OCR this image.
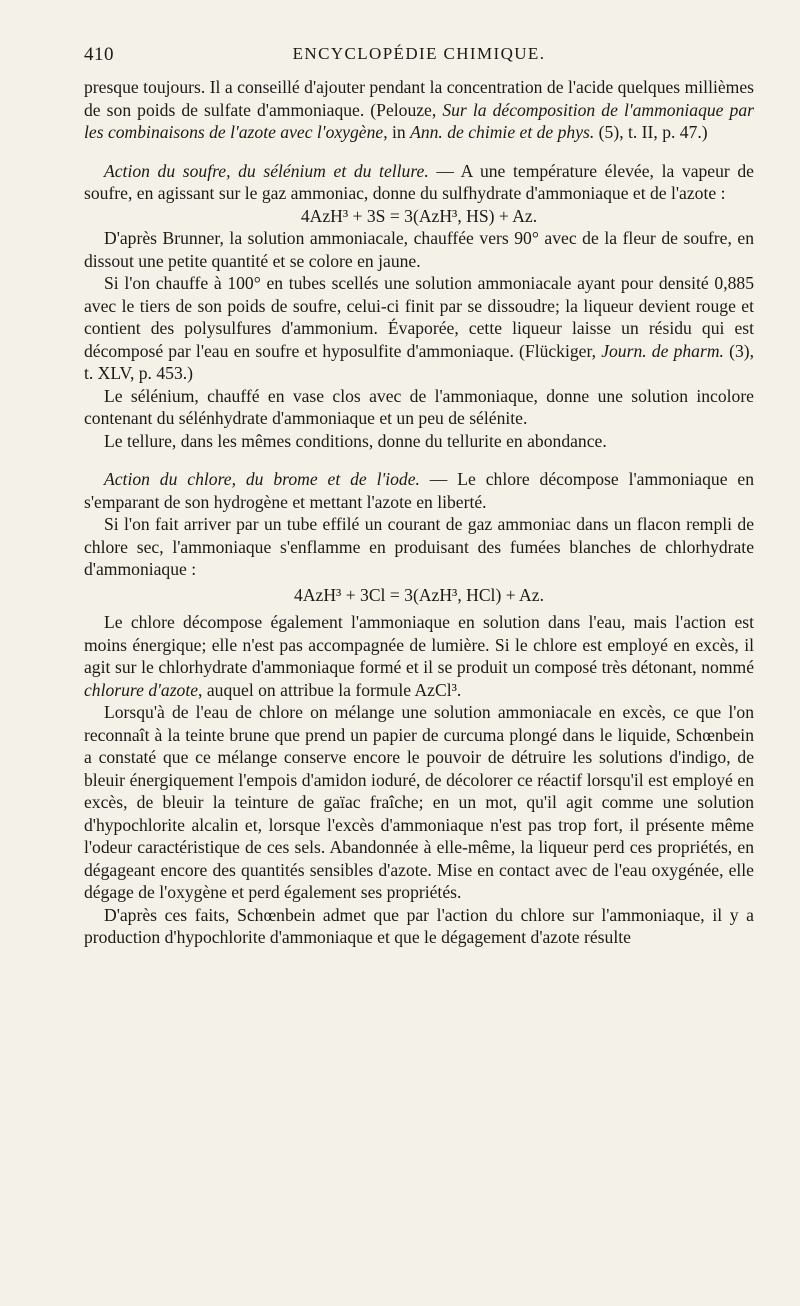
410	ENCYCLOPÉDIE CHIMIQUE.

presque toujours. Il a conseillé d'ajouter pendant la concentration de l'acide quelques millièmes de son poids de sulfate d'ammoniaque. (Pelouze, Sur la décomposition de l'ammoniaque par les combinaisons de l'azote avec l'oxygène, in Ann. de chimie et de phys. (5), t. II, p. 47.)

Action du soufre, du sélénium et du tellure. — A une température élevée, la vapeur de soufre, en agissant sur le gaz ammoniac, donne du sulfhydrate d'ammoniaque et de l'azote :

4AzH³ + 3S = 3(AzH³, HS) + Az.

D'après Brunner, la solution ammoniacale, chauffée vers 90° avec de la fleur de soufre, en dissout une petite quantité et se colore en jaune.

Si l'on chauffe à 100° en tubes scellés une solution ammoniacale ayant pour densité 0,885 avec le tiers de son poids de soufre, celui-ci finit par se dissoudre; la liqueur devient rouge et contient des polysulfures d'ammonium. Évaporée, cette liqueur laisse un résidu qui est décomposé par l'eau en soufre et hyposulfite d'ammoniaque. (Flückiger, Journ. de pharm. (3), t. XLV, p. 453.)

Le sélénium, chauffé en vase clos avec de l'ammoniaque, donne une solution incolore contenant du sélénhydrate d'ammoniaque et un peu de sélénite.

Le tellure, dans les mêmes conditions, donne du tellurite en abondance.

Action du chlore, du brome et de l'iode. — Le chlore décompose l'ammoniaque en s'emparant de son hydrogène et mettant l'azote en liberté.

Si l'on fait arriver par un tube effilé un courant de gaz ammoniac dans un flacon rempli de chlore sec, l'ammoniaque s'enflamme en produisant des fumées blanches de chlorhydrate d'ammoniaque :

4AzH³ + 3Cl = 3(AzH³, HCl) + Az.

Le chlore décompose également l'ammoniaque en solution dans l'eau, mais l'action est moins énergique; elle n'est pas accompagnée de lumière. Si le chlore est employé en excès, il agit sur le chlorhydrate d'ammoniaque formé et il se produit un composé très détonant, nommé chlorure d'azote, auquel on attribue la formule AzCl³.

Lorsqu'à de l'eau de chlore on mélange une solution ammoniacale en excès, ce que l'on reconnaît à la teinte brune que prend un papier de curcuma plongé dans le liquide, Schœnbein a constaté que ce mélange conserve encore le pouvoir de détruire les solutions d'indigo, de bleuir énergiquement l'empois d'amidon ioduré, de décolorer ce réactif lorsqu'il est employé en excès, de bleuir la teinture de gaïac fraîche; en un mot, qu'il agit comme une solution d'hypochlorite alcalin et, lorsque l'excès d'ammoniaque n'est pas trop fort, il présente même l'odeur caractéristique de ces sels. Abandonnée à elle-même, la liqueur perd ces propriétés, en dégageant encore des quantités sensibles d'azote. Mise en contact avec de l'eau oxygénée, elle dégage de l'oxygène et perd également ses propriétés.

D'après ces faits, Schœnbein admet que par l'action du chlore sur l'ammoniaque, il y a production d'hypochlorite d'ammoniaque et que le dégagement d'azote résulte
